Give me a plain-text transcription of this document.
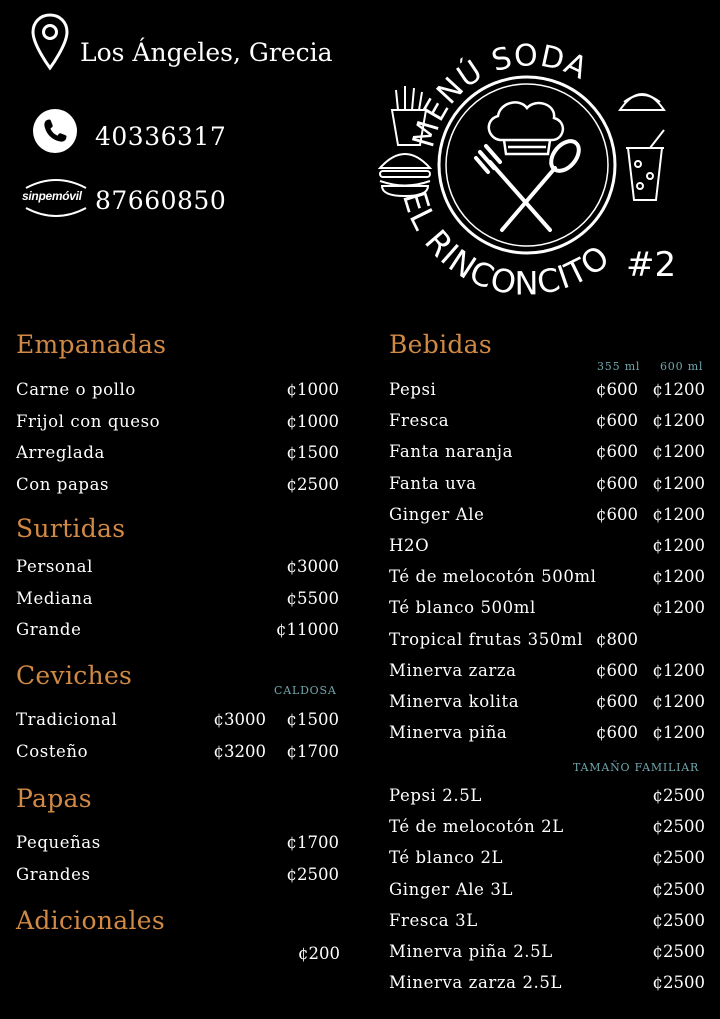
Los Ángeles, Grecia
40336317
sinpemóvil 87660850
MENÚ SODA
EL RINCONCITO #2
Empanadas
Carne o pollo	¢1000
Frijol con queso	¢1000
Arreglada	¢1500
Con papas	¢2500
Surtidas
Personal	¢3000
Mediana	¢5500
Grande	¢11000
Ceviches
CALDOSA
Tradicional	¢3000	¢1500
Costeño	¢3200	¢1700
Papas
Pequeñas	¢1700
Grandes	¢2500
Adicionales
¢200
Bebidas
355 ml 600 ml
Pepsi	¢600 ¢1200
Fresca	¢600 ¢1200
Fanta naranja	¢600 ¢1200
Fanta uva	¢600 ¢1200
Ginger Ale	¢600 ¢1200
H2O	¢1200
Té de melocotón 500ml	¢1200
Té blanco 500ml	¢1200
Tropical frutas 350ml ¢800
Minerva zarza	¢600 ¢1200
Minerva kolita	¢600 ¢1200
Minerva piña	¢600 ¢1200
TAMAÑO FAMILIAR
Pepsi 2.5L	¢2500
Té de melocotón 2L	¢2500
Té blanco 2L	¢2500
Ginger Ale 3L	¢2500
Fresca 3L	¢2500
Minerva piña 2.5L	¢2500
Minerva zarza 2.5L	¢2500
